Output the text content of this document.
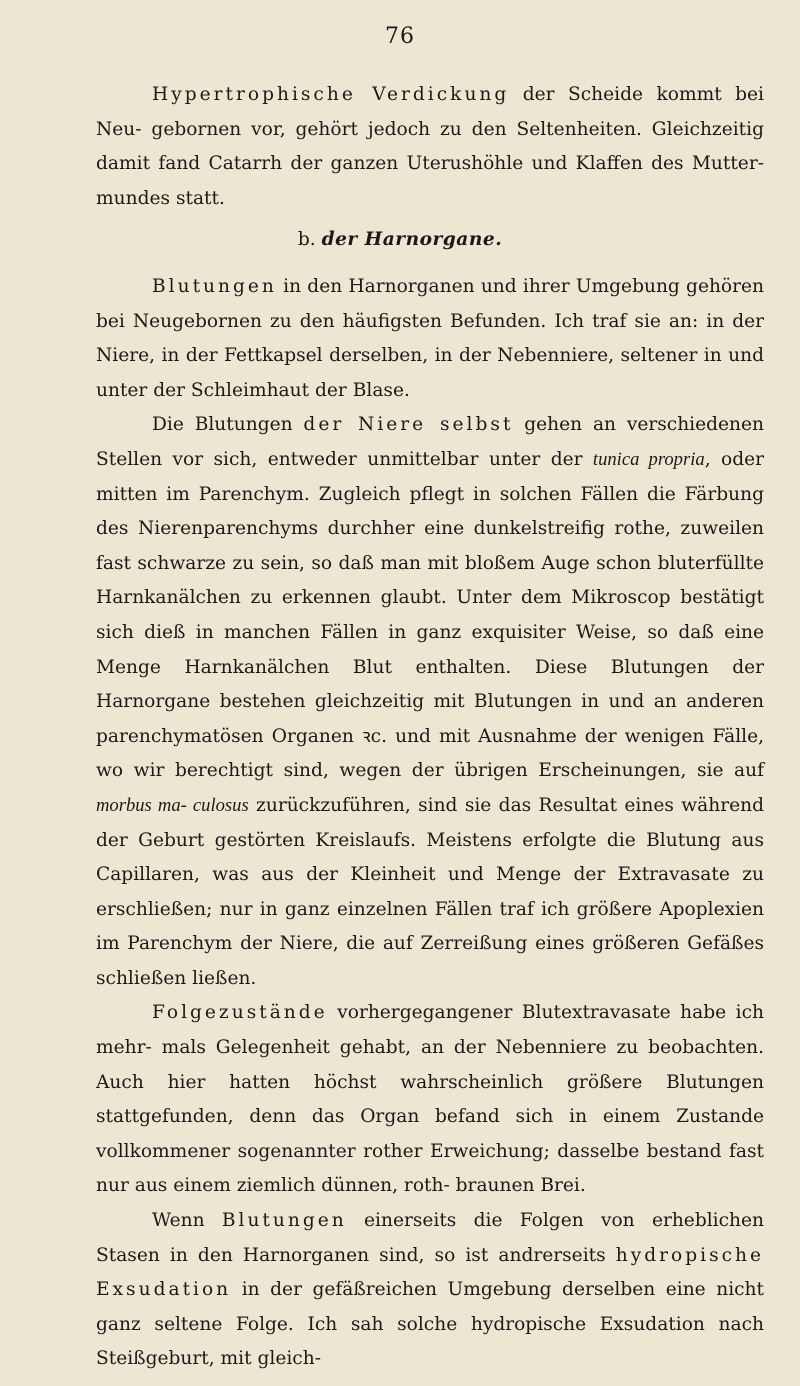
76

Hypertrophische Verdickung der Scheide kommt bei Neu- gebornen vor, gehört jedoch zu den Seltenheiten. Gleichzeitig damit fand Catarrh der ganzen Uterushöhle und Klaffen des Mutter- mundes statt.

b. der Harnorgane.

Blutungen in den Harnorganen und ihrer Umgebung gehören bei Neugebornen zu den häufigsten Befunden. Ich traf sie an: in der Niere, in der Fettkapsel derselben, in der Nebenniere, seltener in und unter der Schleimhaut der Blase.

Die Blutungen der Niere selbst gehen an verschiedenen Stellen vor sich, entweder unmittelbar unter der tunica propria, oder mitten im Parenchym. Zugleich pflegt in solchen Fällen die Färbung des Nierenparenchyms durchher eine dunkelstreifig rothe, zuweilen fast schwarze zu sein, so daß man mit bloßem Auge schon bluterfüllte Harnkanälchen zu erkennen glaubt. Unter dem Mikroscop bestätigt sich dieß in manchen Fällen in ganz exquisiter Weise, so daß eine Menge Harnkanälchen Blut enthalten. Diese Blutungen der Harnorgane bestehen gleichzeitig mit Blutungen in und an anderen parenchymatösen Organen ꝛc. und mit Ausnahme der wenigen Fälle, wo wir berechtigt sind, wegen der übrigen Erscheinungen, sie auf morbus ma- culosus zurückzuführen, sind sie das Resultat eines während der Geburt gestörten Kreislaufs. Meistens erfolgte die Blutung aus Capillaren, was aus der Kleinheit und Menge der Extravasate zu erschließen; nur in ganz einzelnen Fällen traf ich größere Apoplexien im Parenchym der Niere, die auf Zerreißung eines größeren Gefäßes schließen ließen.

Folgezustände vorhergegangener Blutextravasate habe ich mehr- mals Gelegenheit gehabt, an der Nebenniere zu beobachten. Auch hier hatten höchst wahrscheinlich größere Blutungen stattgefunden, denn das Organ befand sich in einem Zustande vollkommener sogenannter rother Erweichung; dasselbe bestand fast nur aus einem ziemlich dünnen, roth- braunen Brei.

Wenn Blutungen einerseits die Folgen von erheblichen Stasen in den Harnorganen sind, so ist andrerseits hydropische Exsudation in der gefäßreichen Umgebung derselben eine nicht ganz seltene Folge. Ich sah solche hydropische Exsudation nach Steißgeburt, mit gleich-
